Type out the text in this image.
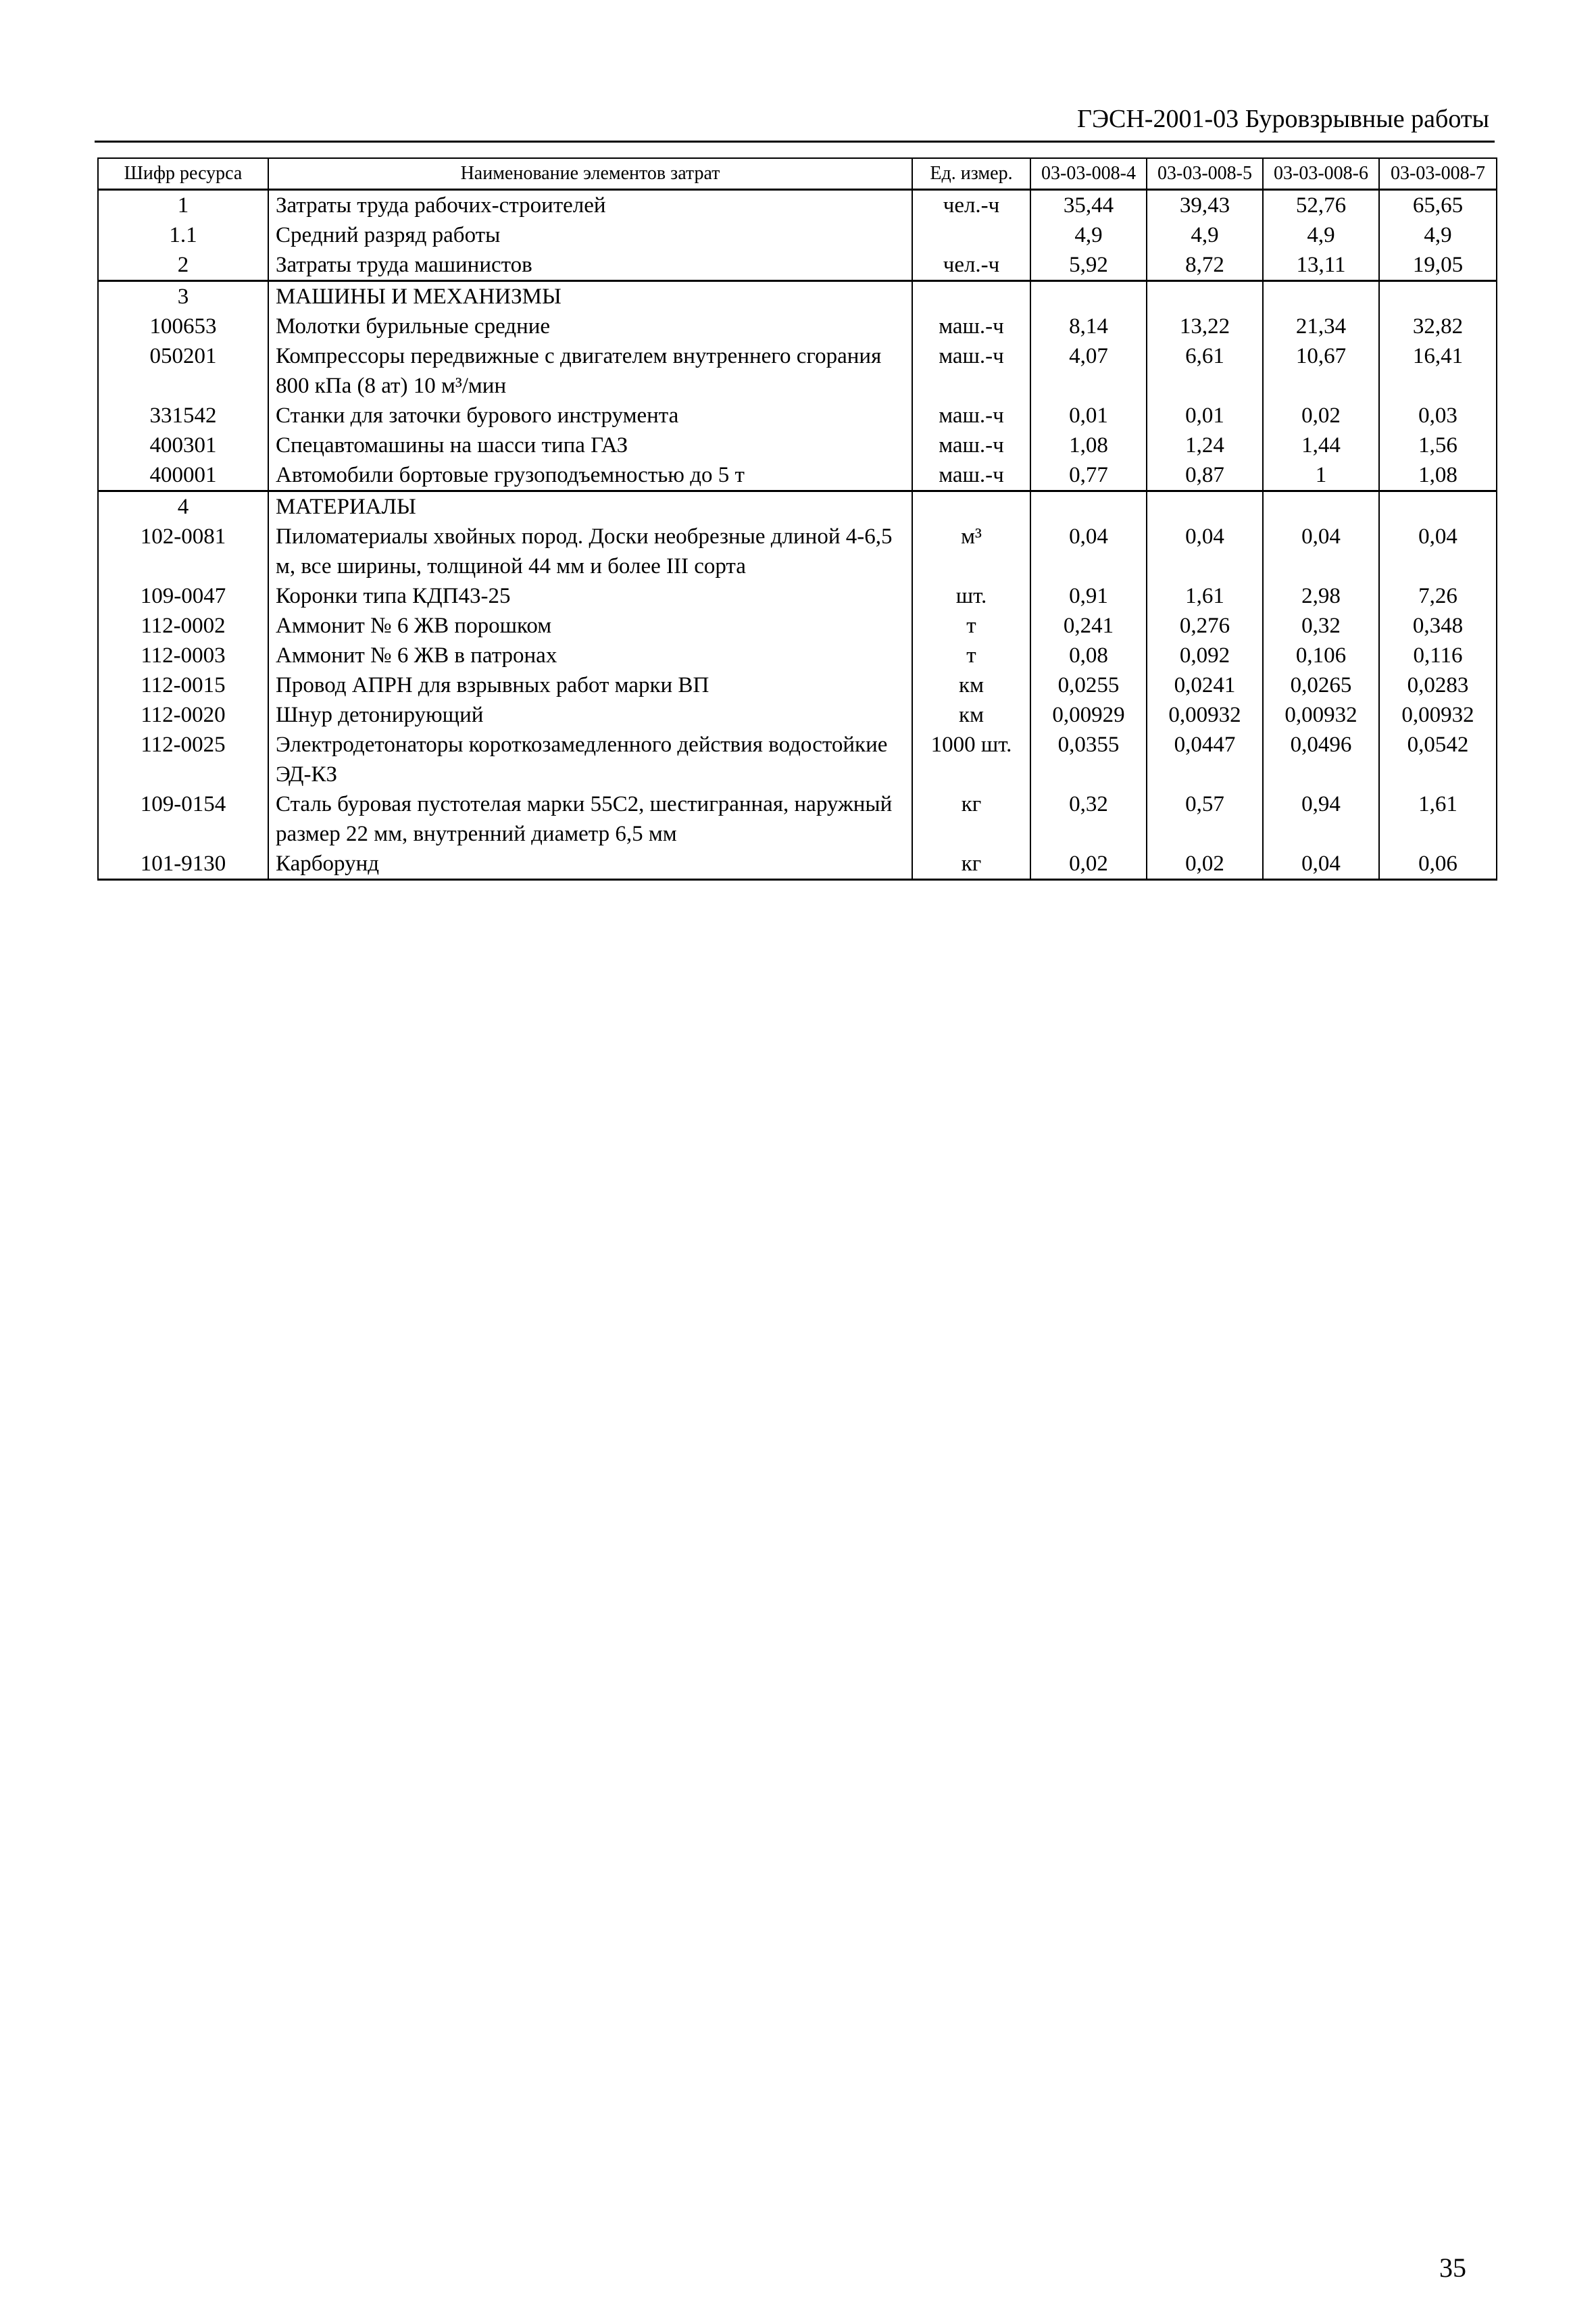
ГЭСН-2001-03 Буровзрывные работы
Шифр ресурса	Наименование элементов затрат	Ед. измер.	03-03-008-4	03-03-008-5	03-03-008-6	03-03-008-7
1	Затраты труда рабочих-строителей	чел.-ч	35,44	39,43	52,76	65,65
1.1	Средний разряд работы		4,9	4,9	4,9	4,9
2	Затраты труда машинистов	чел.-ч	5,92	8,72	13,11	19,05
3	МАШИНЫ И МЕХАНИЗМЫ					
100653	Молотки бурильные средние	маш.-ч	8,14	13,22	21,34	32,82
050201	Компрессоры передвижные с двигателем внутреннего сгорания 800 кПа (8 ат) 10 м³/мин	маш.-ч	4,07	6,61	10,67	16,41
331542	Станки для заточки бурового инструмента	маш.-ч	0,01	0,01	0,02	0,03
400301	Спецавтомашины на шасси типа ГАЗ	маш.-ч	1,08	1,24	1,44	1,56
400001	Автомобили бортовые грузоподъемностью до 5 т	маш.-ч	0,77	0,87	1	1,08
4	МАТЕРИАЛЫ					
102-0081	Пиломатериалы хвойных пород. Доски необрезные длиной 4-6,5 м, все ширины, толщиной 44 мм и более III сорта	м³	0,04	0,04	0,04	0,04
109-0047	Коронки типа КДП43-25	шт.	0,91	1,61	2,98	7,26
112-0002	Аммонит № 6 ЖВ порошком	т	0,241	0,276	0,32	0,348
112-0003	Аммонит № 6 ЖВ в патронах	т	0,08	0,092	0,106	0,116
112-0015	Провод АПРН для взрывных работ марки ВП	км	0,0255	0,0241	0,0265	0,0283
112-0020	Шнур детонирующий	км	0,00929	0,00932	0,00932	0,00932
112-0025	Электродетонаторы короткозамедленного действия водостойкие ЭД-КЗ	1000 шт.	0,0355	0,0447	0,0496	0,0542
109-0154	Сталь буровая пустотелая марки 55С2, шестигранная, наружный размер 22 мм, внутренний диаметр 6,5 мм	кг	0,32	0,57	0,94	1,61
101-9130	Карборунд	кг	0,02	0,02	0,04	0,06
35
